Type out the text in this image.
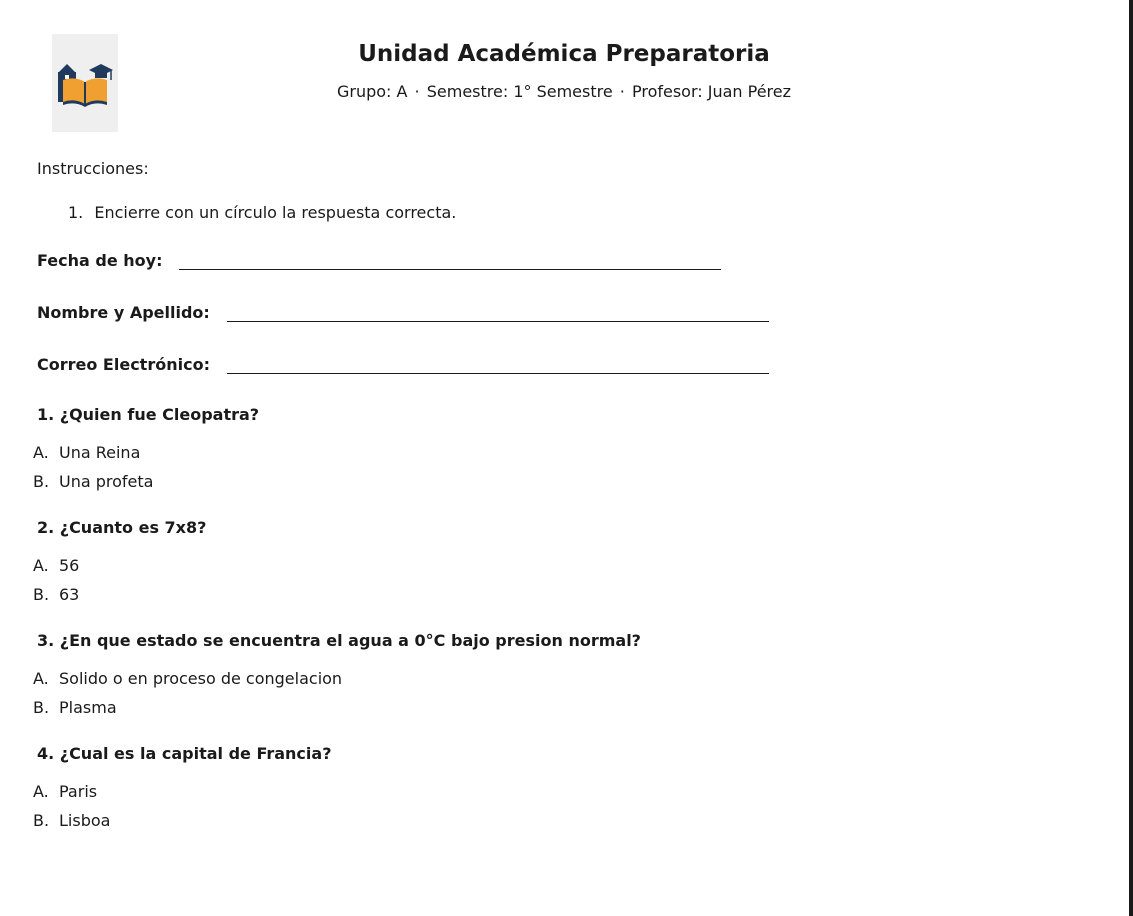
Unidad Académica Preparatoria
Grupo: A · Semestre: 1° Semestre · Profesor: Juan Pérez
Instrucciones:
1. Encierre con un círculo la respuesta correcta.
Fecha de hoy:
Nombre y Apellido:
Correo Electrónico:
1. ¿Quien fue Cleopatra?
A. Una Reina
B. Una profeta
2. ¿Cuanto es 7x8?
A. 56
B. 63
3. ¿En que estado se encuentra el agua a 0°C bajo presion normal?
A. Solido o en proceso de congelacion
B. Plasma
4. ¿Cual es la capital de Francia?
A. Paris
B. Lisboa
